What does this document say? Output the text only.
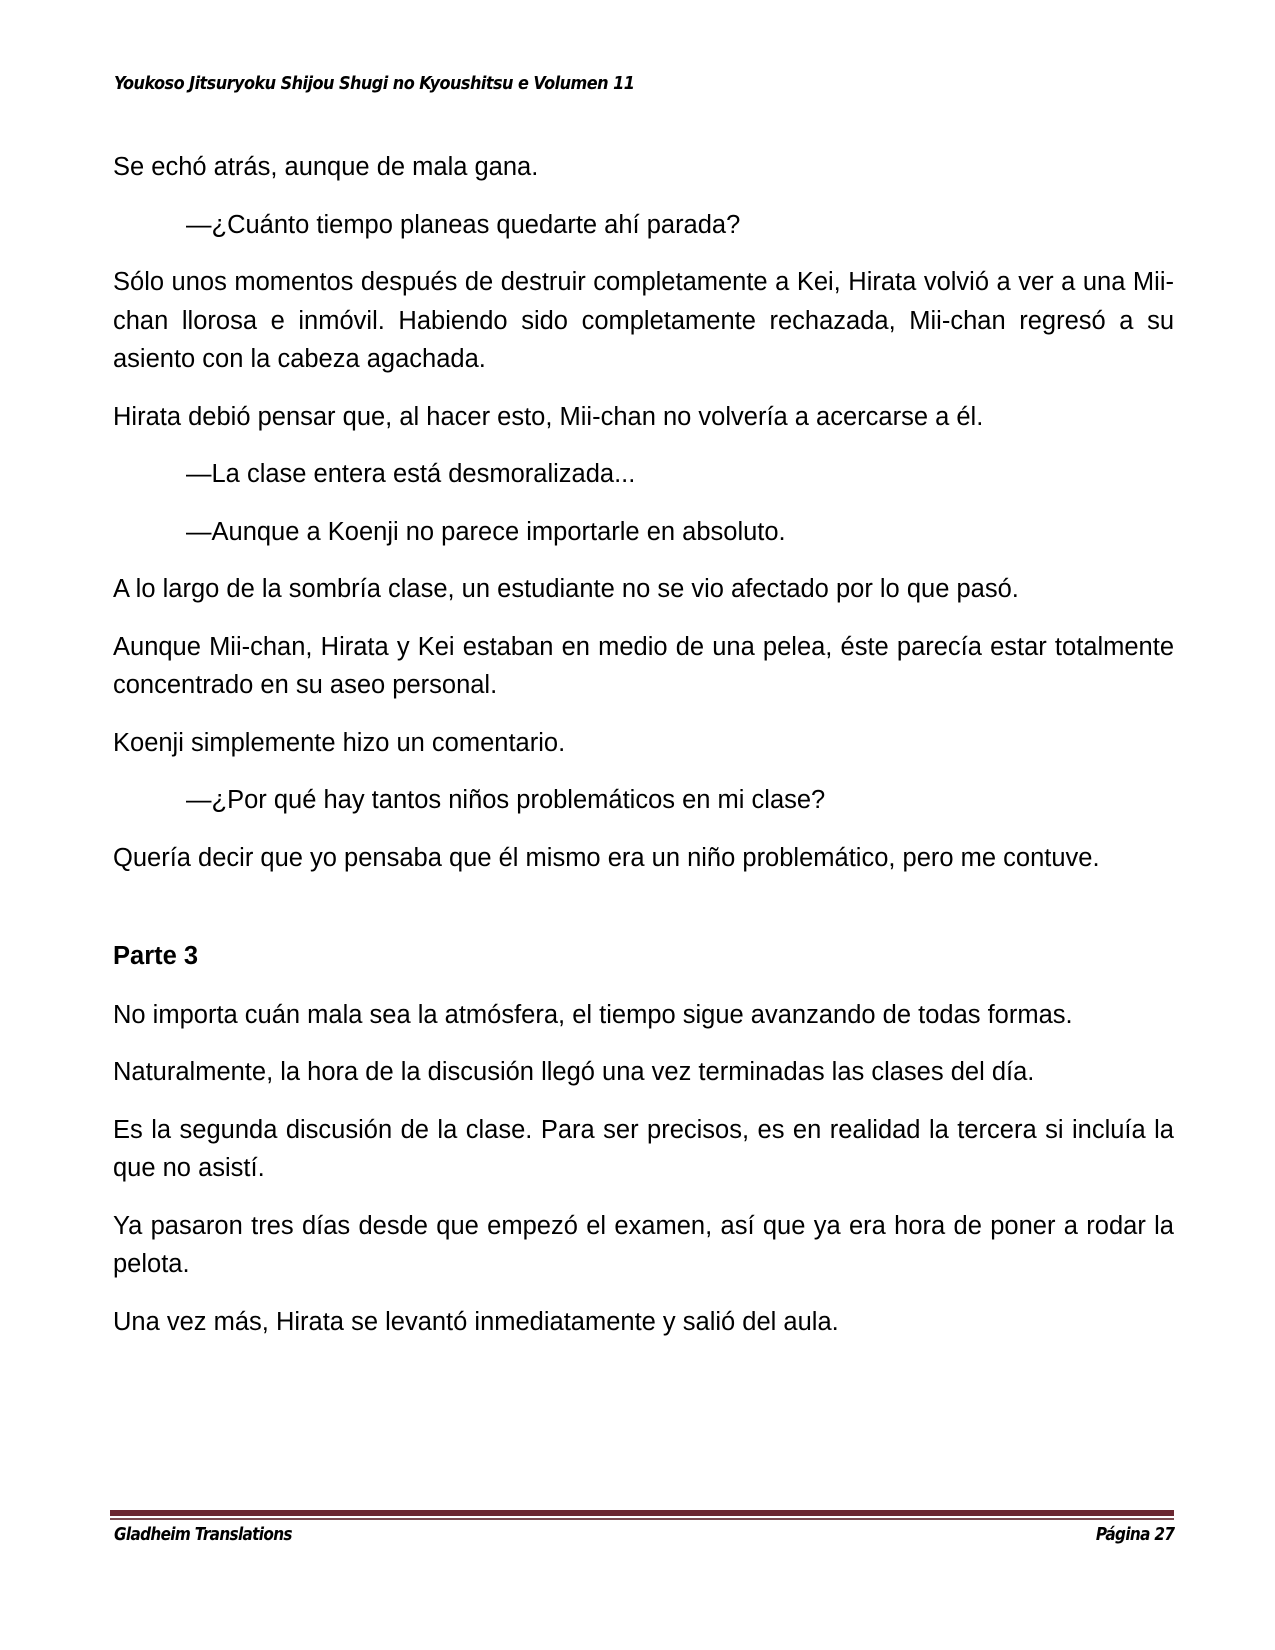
Youkoso Jitsuryoku Shijou Shugi no Kyoushitsu e Volumen 11

Se echó atrás, aunque de mala gana.

—¿Cuánto tiempo planeas quedarte ahí parada?

Sólo unos momentos después de destruir completamente a Kei, Hirata volvió a ver a una Mii-chan llorosa e inmóvil. Habiendo sido completamente rechazada, Mii-chan regresó a su asiento con la cabeza agachada.

Hirata debió pensar que, al hacer esto, Mii-chan no volvería a acercarse a él.

—La clase entera está desmoralizada...

—Aunque a Koenji no parece importarle en absoluto.

A lo largo de la sombría clase, un estudiante no se vio afectado por lo que pasó.

Aunque Mii-chan, Hirata y Kei estaban en medio de una pelea, éste parecía estar totalmente concentrado en su aseo personal.

Koenji simplemente hizo un comentario.

—¿Por qué hay tantos niños problemáticos en mi clase?

Quería decir que yo pensaba que él mismo era un niño problemático, pero me contuve.

Parte 3

No importa cuán mala sea la atmósfera, el tiempo sigue avanzando de todas formas.

Naturalmente, la hora de la discusión llegó una vez terminadas las clases del día.

Es la segunda discusión de la clase. Para ser precisos, es en realidad la tercera si incluía la que no asistí.

Ya pasaron tres días desde que empezó el examen, así que ya era hora de poner a rodar la pelota.

Una vez más, Hirata se levantó inmediatamente y salió del aula.

Gladheim Translations	Página 27
